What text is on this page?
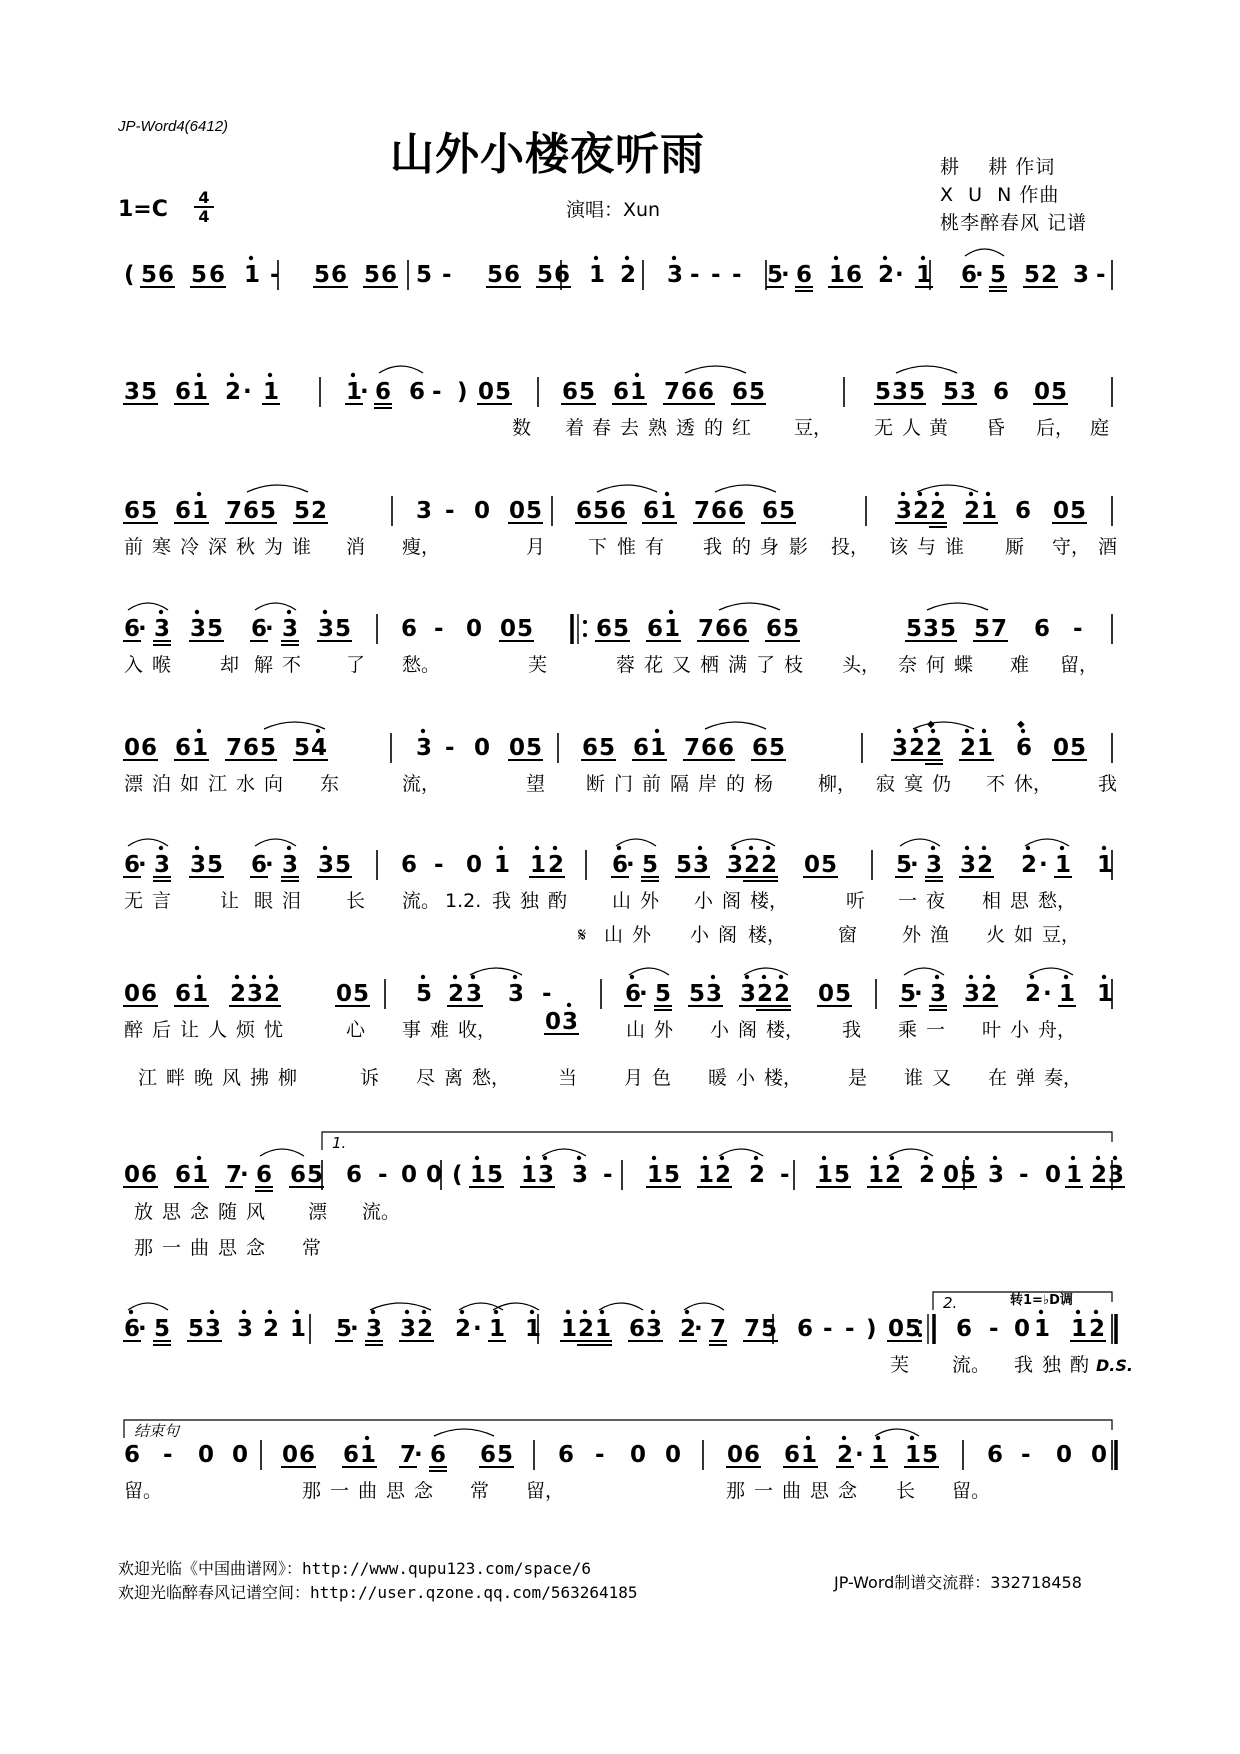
JP-Word4(6412)
山外小楼夜听雨
$1=C \frac{4}{4}$	演唱：Xun
耕    耕 作词
X  U  N 作曲
桃李醉春风 记谱
( 5 6 5 6 1 - 5 6 5 6 5 - 5 6 5 6 1 2 3 - - - 5
· 6 1 6 2 · 1 6
· 5 5 2 3 -
3 5 6 1 2 · 1	1
· 6 6 - ) 0 5 6 5 6 1 7 6 6 6 5	5 3 5 5 3 6 0 5
数 着 春 去 熟 透 的 红 豆， 无 人 黄 昏 后， 庭
6 5 6 1 7 6 5 5 2	3 - 0 0 5 6 5 6 6 1 7 6 6 6 5	3 2 2 2 1 6 0 5
前 寒 冷 深 秋 为 谁 消 瘦，	月 下 惟 有 我 的 身 影 投， 该 与 谁 厮 守， 酒
6
· 3 3 5 6
· 3 3 5 6 - 0 0 5	6 5 6 1 7 6 6 6 5	5 3 5 5 7 6 -
入 喉	却 解 不 了 愁。	芙	蓉 花 又 栖 满 了 枝 头， 奈 何 蝶 难 留，
0 6 6 1 7 6 5 5 4	3 - 0 0 5 6 5 6 1 7 6 6 6 5	3 2 2 2 1 6 0 5
◆	◆
漂 泊 如 江 水 向 东	流，	望 断 门 前 隔 岸 的 杨 柳， 寂 寞 仍 不 休， 我
6
· 3 3 5 6
· 3 3 5 6 - 0 1 1 2 6
· 5 5 3 3 2 2 0 5	5
· 3 3 2 2 · 1 1
无 言	让 眼 泪 长 流。 1.2. 我 独 酌 山 外 小 阁 楼，	听 一 夜 相 思 愁，
𝄋 山 外 小 阁 楼，	窗 外 渔 火 如 豆，
0 6 6 1 2 3 2 0 5 5 2 3 3 -	6
· 5 5 3 3 2 2 0 5 5
· 3 3 2 2 · 1 1
0 3
醉 后 让 人 烦 忧	心 事 难 收，	山 外 小 阁 楼， 我 乘 一 叶 小 舟，
江 畔 晚 风 拂 柳	诉 尽 离 愁，	当 月 色 暖 小 楼， 是 谁 又 在 弹 奏，
1.
0 6 6 1 7
· 6 6 5 6 - 0 0 ( 1 5 1 3 3 - 1 5 1 2 2 - 1 5 1 2 2 0 5 3 - 0 1 2 3
放 思 念 随 风 漂 流。
那 一 曲 思 念 常
2.	转1=♭D调
6
· 5 5 3 3 2 1 5
· 3 3 2 2 · 1 1 1 2 1 6 3 2
· 7 7 5 6 - - ) 0 5 6 - 0 1 1 2
芙 流。 我 独 酌 D.S.
结束句
6 - 0 0 0 6 6 1 7
· 6 6 5 6 - 0 0 0 6 6 1 2 · 1 1 5 6 - 0 0
留。	那 一 曲 思 念 常 留，	那 一 曲 思 念 长 留。
欢迎光临《中国曲谱网》：http://www.qupu123.com/space/6
欢迎光临醉春风记谱空间：http://user.qzone.qq.com/563264185
JP-Word制谱交流群：332718458
